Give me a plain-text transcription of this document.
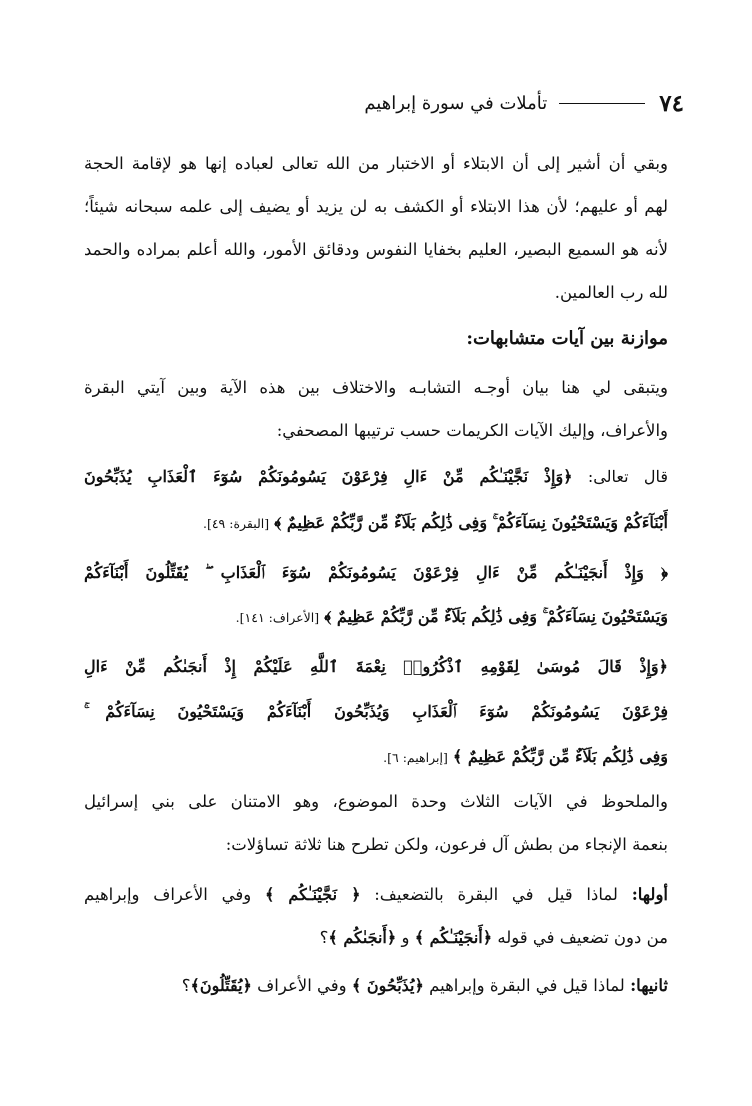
٧٤
تأملات في سورة إبراهيم
وبقي أن أشير إلى أن الابتلاء أو الاختبار من الله تعالى لعباده إنها هو لإقامة الحجة
لهم أو عليهم؛ لأن هذا الابتلاء أو الكشف به لن يزيد أو يضيف إلى علمه سبحانه شيئاً؛
لأنه هو السميع البصير، العليم بخفايا النفوس ودقائق الأمور، والله أعلم بمراده والحمد
لله رب العالمين.
موازنة بين آيات متشابهات:
ويتبقى لي هنا بيان أوجـه التشابـه والاختلاف بين هذه الآية وبين آيتي البقرة
والأعراف، وإليك الآيات الكريمات حسب ترتيبها المصحفي:
قال تعالى: ﴿وَإِذْ نَجَّيْنَـٰكُم مِّنْ ءَالِ فِرْعَوْنَ يَسُومُونَكُمْ سُوٓءَ ٱلْعَذَابِ يُذَبِّحُونَ
أَبْنَآءَكُمْ وَيَسْتَحْيُونَ نِسَآءَكُمْ ۚ وَفِى ذَٰلِكُم بَلَآءٌ مِّن رَّبِّكُمْ عَظِيمٌ ﴾ [البقرة: ٤٩].
﴿ وَإِذْ أَنجَيْنَـٰكُم مِّنْ ءَالِ فِرْعَوْنَ يَسُومُونَكُمْ سُوٓءَ ٱلْعَذَابِ ۖ يُقَتِّلُونَ أَبْنَآءَكُمْ
وَيَسْتَحْيُونَ نِسَآءَكُمْ ۚ وَفِى ذَٰلِكُم بَلَآءٌ مِّن رَّبِّكُمْ عَظِيمٌ ﴾ [الأعراف: ١٤١].
﴿وَإِذْ قَالَ مُوسَىٰ لِقَوْمِهِ ٱذْكُرُوا۟ نِعْمَةَ ٱللَّهِ عَلَيْكُمْ إِذْ أَنجَىٰكُم مِّنْ ءَالِ
فِرْعَوْنَ يَسُومُونَكُمْ سُوٓءَ ٱلْعَذَابِ وَيُذَبِّحُونَ أَبْنَآءَكُمْ وَيَسْتَحْيُونَ نِسَآءَكُمْ ۚ
وَفِى ذَٰلِكُم بَلَآءٌ مِّن رَّبِّكُمْ عَظِيمٌ ﴾ [إبراهيم: ٦].
والملحوظ في الآيات الثلاث وحدة الموضوع، وهو الامتنان على بني إسرائيل
بنعمة الإنجاء من بطش آل فرعون، ولكن تطرح هنا ثلاثة تساؤلات:
أولها: لماذا قيل في البقرة بالتضعيف: ﴿ نَجَّيْنَـٰكُم ﴾ وفي الأعراف وإبراهيم
من دون تضعيف في قوله ﴿أَنجَيْنَـٰكُم ﴾ و ﴿أَنجَىٰكُم ﴾؟
ثانيها: لماذا قيل في البقرة وإبراهيم ﴿يُذَبِّحُونَ ﴾ وفي الأعراف ﴿يُقَتِّلُونَ﴾؟
